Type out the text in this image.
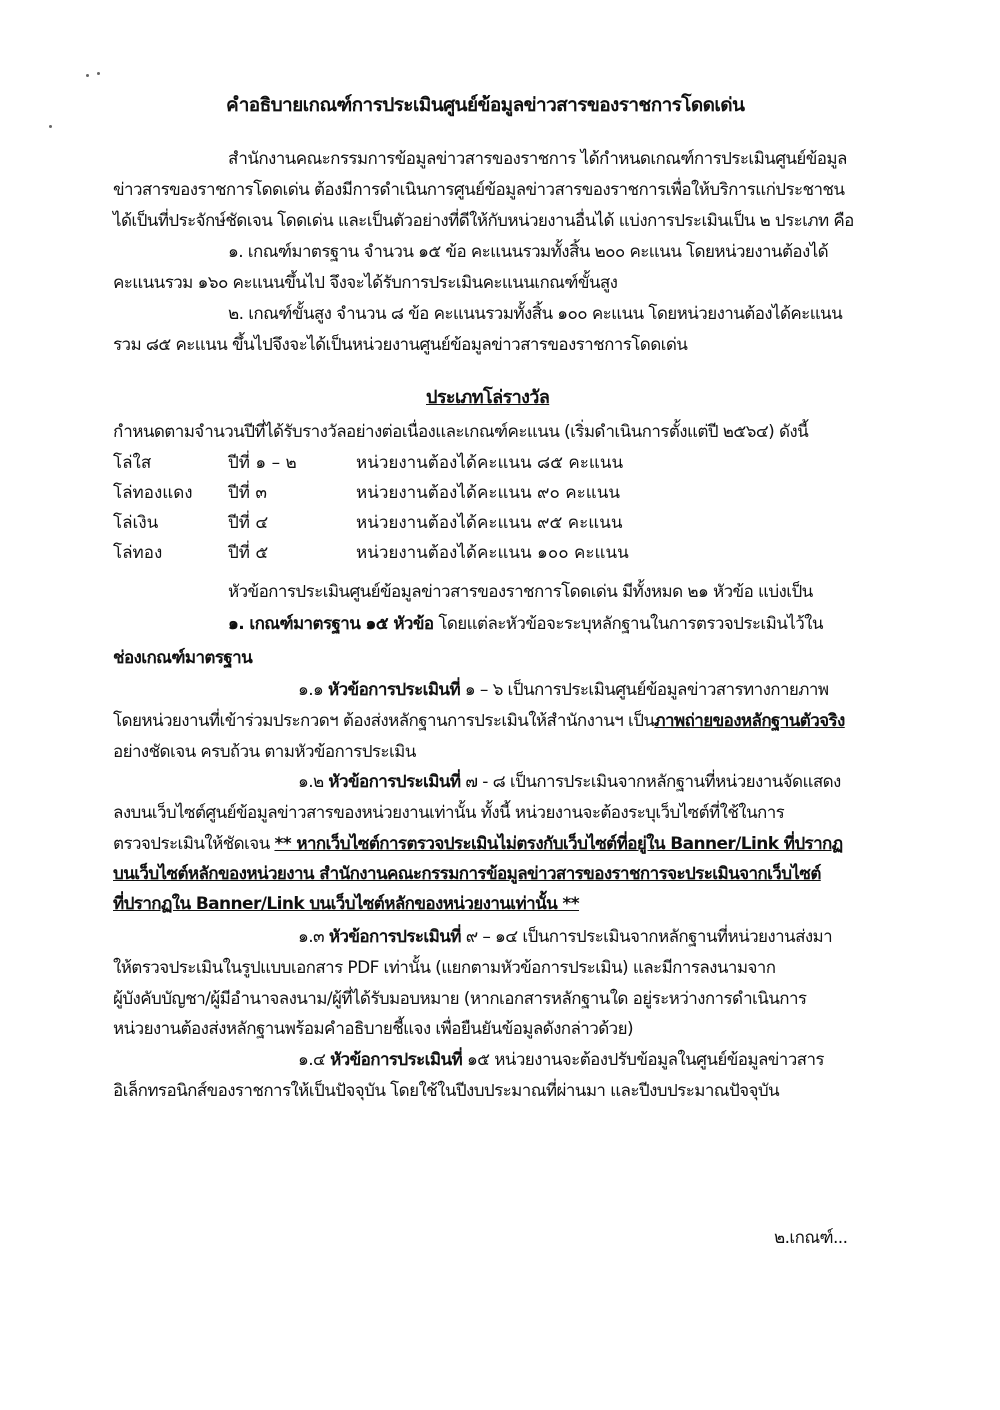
คำอธิบายเกณฑ์การประเมินศูนย์ข้อมูลข่าวสารของราชการโดดเด่น
สำนักงานคณะกรรมการข้อมูลข่าวสารของราชการ ได้กำหนดเกณฑ์การประเมินศูนย์ข้อมูล
ข่าวสารของราชการโดดเด่น ต้องมีการดำเนินการศูนย์ข้อมูลข่าวสารของราชการเพื่อให้บริการแก่ประชาชน
ได้เป็นที่ประจักษ์ชัดเจน โดดเด่น และเป็นตัวอย่างที่ดีให้กับหน่วยงานอื่นได้ แบ่งการประเมินเป็น ๒ ประเภท คือ
๑. เกณฑ์มาตรฐาน จำนวน ๑๕ ข้อ คะแนนรวมทั้งสิ้น ๒๐๐ คะแนน โดยหน่วยงานต้องได้
คะแนนรวม ๑๖๐ คะแนนขึ้นไป จึงจะได้รับการประเมินคะแนนเกณฑ์ขั้นสูง
๒. เกณฑ์ขั้นสูง จำนวน ๘ ข้อ คะแนนรวมทั้งสิ้น ๑๐๐ คะแนน โดยหน่วยงานต้องได้คะแนน
รวม ๘๕ คะแนน ขึ้นไปจึงจะได้เป็นหน่วยงานศูนย์ข้อมูลข่าวสารของราชการโดดเด่น
ประเภทโล่รางวัล
กำหนดตามจำนวนปีที่ได้รับรางวัลอย่างต่อเนื่องและเกณฑ์คะแนน (เริ่มดำเนินการตั้งแต่ปี ๒๕๖๔) ดังนี้
โล่ใส	ปีที่ ๑ – ๒	หน่วยงานต้องได้คะแนน ๘๕ คะแนน
โล่ทองแดง ปีที่ ๓	หน่วยงานต้องได้คะแนน ๙๐ คะแนน
โล่เงิน	ปีที่ ๔	หน่วยงานต้องได้คะแนน ๙๕ คะแนน
โล่ทอง	ปีที่ ๕	หน่วยงานต้องได้คะแนน ๑๐๐ คะแนน
หัวข้อการประเมินศูนย์ข้อมูลข่าวสารของราชการโดดเด่น มีทั้งหมด ๒๑ หัวข้อ แบ่งเป็น
๑. เกณฑ์มาตรฐาน ๑๕ หัวข้อ โดยแต่ละหัวข้อจะระบุหลักฐานในการตรวจประเมินไว้ใน
ช่องเกณฑ์มาตรฐาน
๑.๑ หัวข้อการประเมินที่ ๑ – ๖ เป็นการประเมินศูนย์ข้อมูลข่าวสารทางกายภาพ
โดยหน่วยงานที่เข้าร่วมประกวดฯ ต้องส่งหลักฐานการประเมินให้สำนักงานฯ เป็นภาพถ่ายของหลักฐานตัวจริง
อย่างชัดเจน ครบถ้วน ตามหัวข้อการประเมิน
๑.๒ หัวข้อการประเมินที่ ๗ - ๘ เป็นการประเมินจากหลักฐานที่หน่วยงานจัดแสดง
ลงบนเว็บไซต์ศูนย์ข้อมูลข่าวสารของหน่วยงานเท่านั้น ทั้งนี้ หน่วยงานจะต้องระบุเว็บไซต์ที่ใช้ในการ
ตรวจประเมินให้ชัดเจน ** หากเว็บไซต์การตรวจประเมินไม่ตรงกับเว็บไซต์ที่อยู่ใน Banner/Link ที่ปรากฏ
บนเว็บไซต์หลักของหน่วยงาน สำนักงานคณะกรรมการข้อมูลข่าวสารของราชการจะประเมินจากเว็บไซต์
ที่ปรากฏใน Banner/Link บนเว็บไซต์หลักของหน่วยงานเท่านั้น **
๑.๓ หัวข้อการประเมินที่ ๙ – ๑๔ เป็นการประเมินจากหลักฐานที่หน่วยงานส่งมา
ให้ตรวจประเมินในรูปแบบเอกสาร PDF เท่านั้น (แยกตามหัวข้อการประเมิน) และมีการลงนามจาก
ผู้บังคับบัญชา/ผู้มีอำนาจลงนาม/ผู้ที่ได้รับมอบหมาย (หากเอกสารหลักฐานใด อยู่ระหว่างการดำเนินการ
หน่วยงานต้องส่งหลักฐานพร้อมคำอธิบายชี้แจง เพื่อยืนยันข้อมูลดังกล่าวด้วย)
๑.๔ หัวข้อการประเมินที่ ๑๕ หน่วยงานจะต้องปรับข้อมูลในศูนย์ข้อมูลข่าวสาร
อิเล็กทรอนิกส์ของราชการให้เป็นปัจจุบัน โดยใช้ในปีงบประมาณที่ผ่านมา และปีงบประมาณปัจจุบัน
๒.เกณฑ์...
